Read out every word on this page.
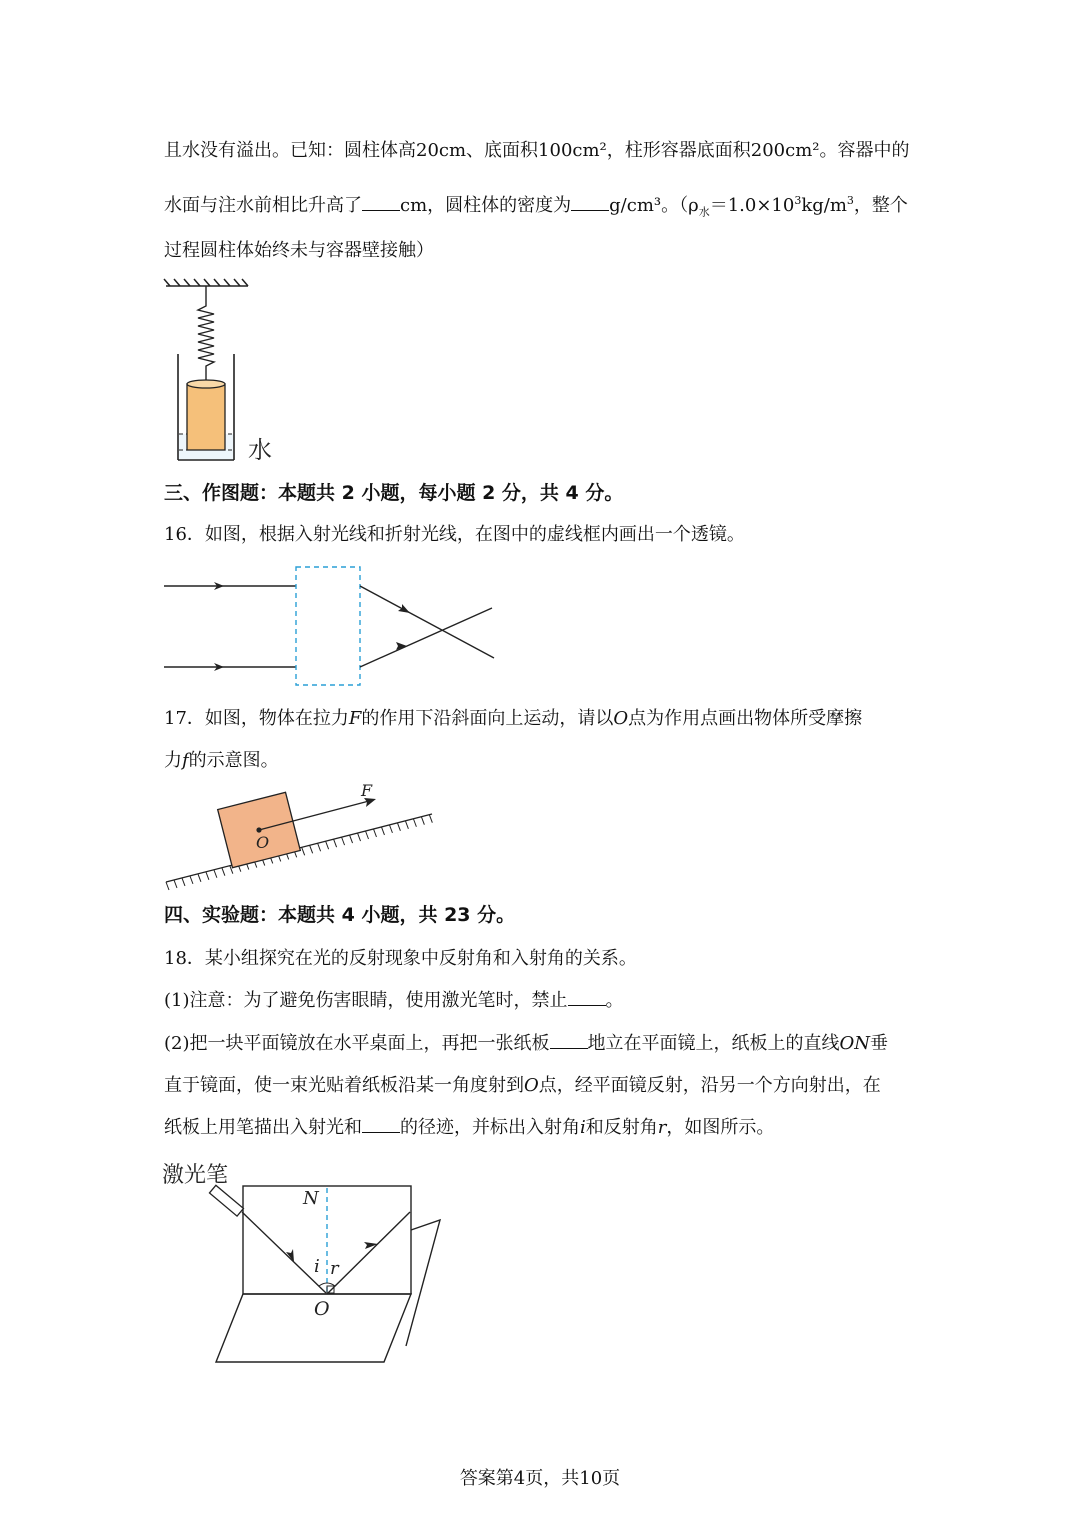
且水没有溢出。已知：圆柱体高20cm、底面积100cm²，柱形容器底面积200cm²。容器中的
水面与注水前相比升高了 cm，圆柱体的密度为 g/cm³。（$\rho_水=1.0\times 10^3kg/m^3$，整个
过程圆柱体始终未与容器壁接触）
水
三、作图题：本题共 2 小题，每小题 2 分，共 4 分。
16．如图，根据入射光线和折射光线，在图中的虚线框内画出一个透镜。
17．如图，物体在拉力F的作用下沿斜面向上运动，请以O点为作用点画出物体所受摩擦
力f的示意图。
F
O
四、实验题：本题共 4 小题，共 23 分。
18．某小组探究在光的反射现象中反射角和入射角的关系。
(1)注意：为了避免伤害眼睛，使用激光笔时，禁止 。
(2)把一块平面镜放在水平桌面上，再把一张纸板 地立在平面镜上，纸板上的直线ON垂
直于镜面，使一束光贴着纸板沿某一角度射到O点，经平面镜反射，沿另一个方向射出，在
纸板上用笔描出入射光和 的径迹，并标出入射角i和反射角r，如图所示。
激光笔
N
i r
O
答案第4页，共10页
